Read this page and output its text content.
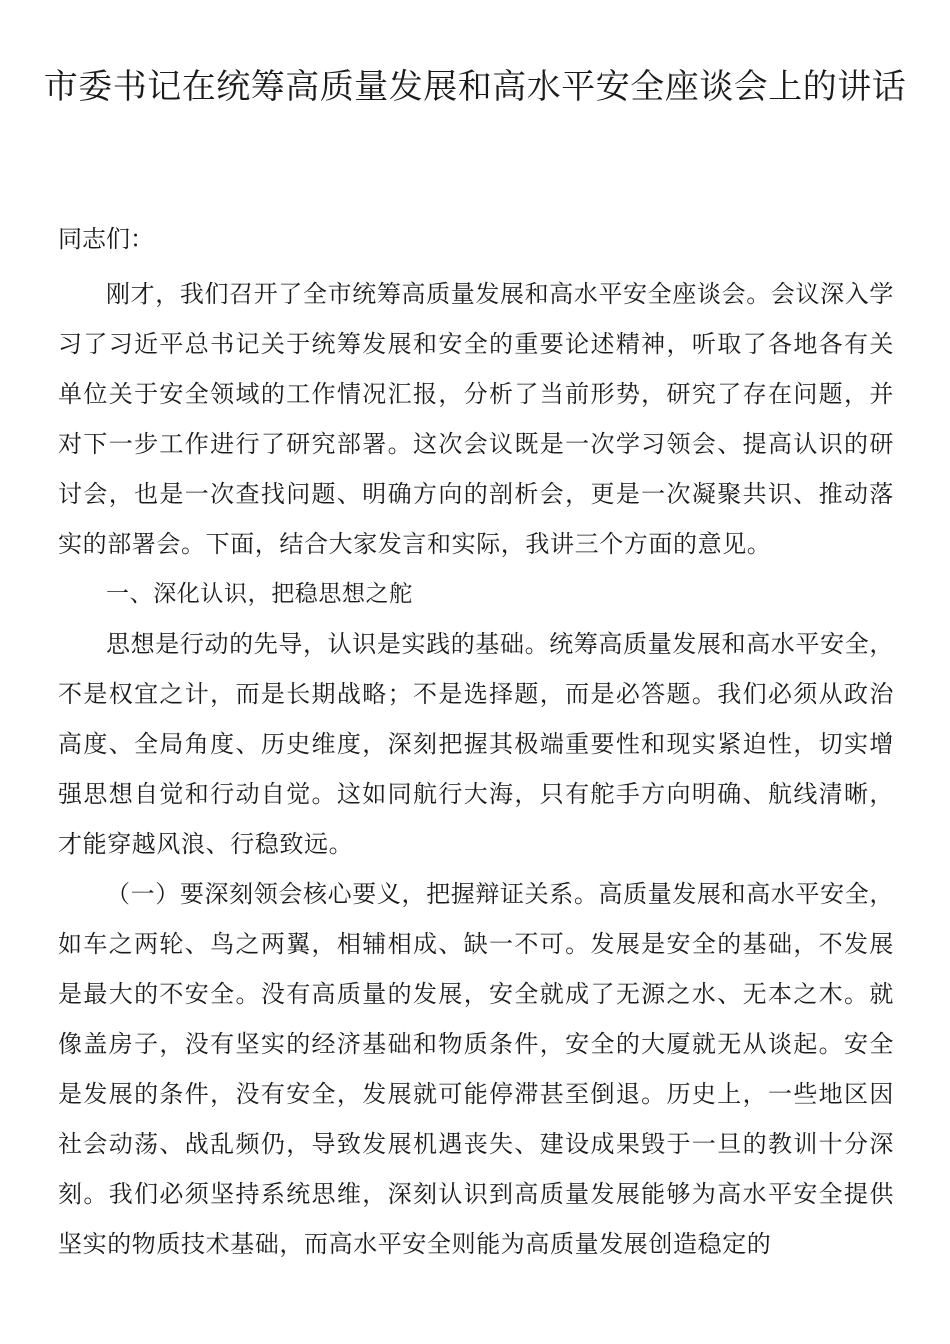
市委书记在统筹高质量发展和高水平安全座谈会上的讲话

同志们：

刚才，我们召开了全市统筹高质量发展和高水平安全座谈会。会议深入学习了习近平总书记关于统筹发展和安全的重要论述精神，听取了各地各有关单位关于安全领域的工作情况汇报，分析了当前形势，研究了存在问题，并对下一步工作进行了研究部署。这次会议既是一次学习领会、提高认识的研讨会，也是一次查找问题、明确方向的剖析会，更是一次凝聚共识、推动落实的部署会。下面，结合大家发言和实际，我讲三个方面的意见。

一、深化认识，把稳思想之舵

思想是行动的先导，认识是实践的基础。统筹高质量发展和高水平安全，不是权宜之计，而是长期战略；不是选择题，而是必答题。我们必须从政治高度、全局角度、历史维度，深刻把握其极端重要性和现实紧迫性，切实增强思想自觉和行动自觉。这如同航行大海，只有舵手方向明确、航线清晰，才能穿越风浪、行稳致远。

（一）要深刻领会核心要义，把握辩证关系。高质量发展和高水平安全，如车之两轮、鸟之两翼，相辅相成、缺一不可。发展是安全的基础，不发展是最大的不安全。没有高质量的发展，安全就成了无源之水、无本之木。就像盖房子，没有坚实的经济基础和物质条件，安全的大厦就无从谈起。安全是发展的条件，没有安全，发展就可能停滞甚至倒退。历史上，一些地区因社会动荡、战乱频仍，导致发展机遇丧失、建设成果毁于一旦的教训十分深刻。我们必须坚持系统思维，深刻认识到高质量发展能够为高水平安全提供坚实的物质技术基础，而高水平安全则能为高质量发展创造稳定的
